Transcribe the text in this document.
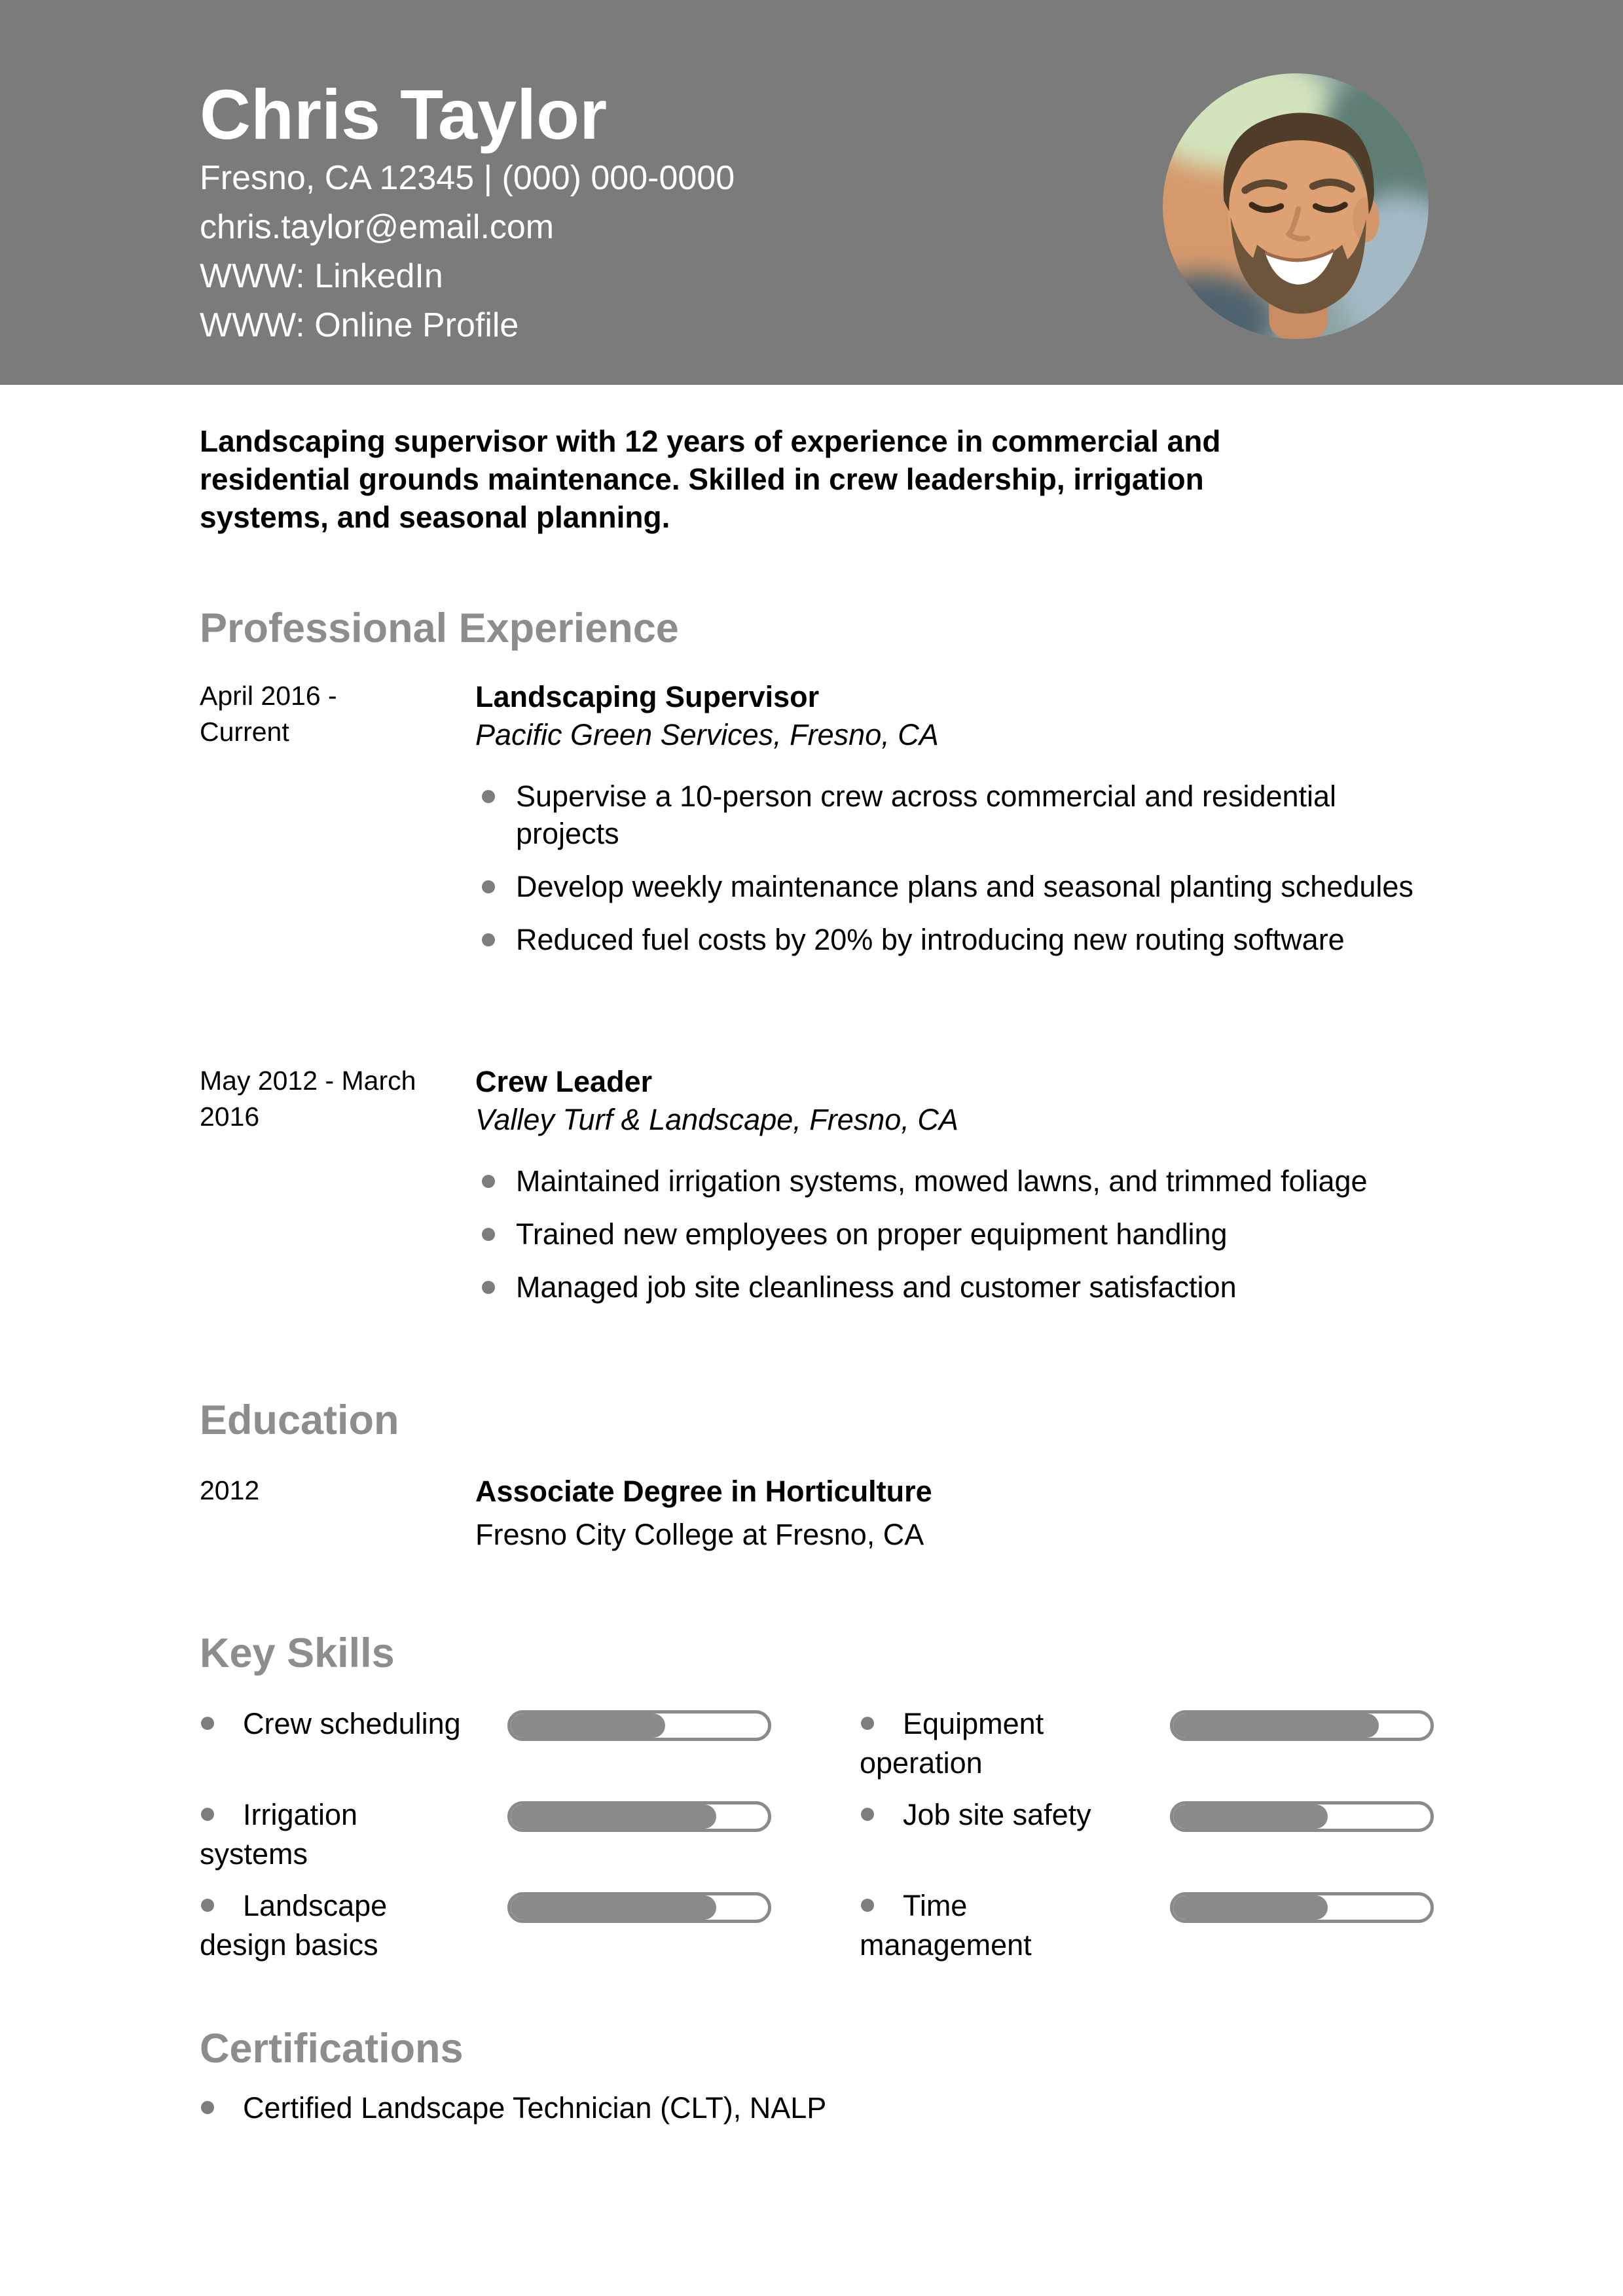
Chris Taylor
Fresno, CA 12345 | (000) 000-0000
chris.taylor@email.com
WWW: LinkedIn
WWW: Online Profile
Landscaping supervisor with 12 years of experience in commercial and residential grounds maintenance. Skilled in crew leadership, irrigation systems, and seasonal planning.
Professional Experience
April 2016 - Current
Landscaping Supervisor
Pacific Green Services, Fresno, CA
Supervise a 10-person crew across commercial and residential projects
Develop weekly maintenance plans and seasonal planting schedules
Reduced fuel costs by 20% by introducing new routing software
May 2012 - March 2016
Crew Leader
Valley Turf & Landscape, Fresno, CA
Maintained irrigation systems, mowed lawns, and trimmed foliage
Trained new employees on proper equipment handling
Managed job site cleanliness and customer satisfaction
Education
2012	Associate Degree in Horticulture
Fresno City College at Fresno, CA
Key Skills
Crew scheduling	Equipment operation
Irrigation systems
Job site safety
Landscape design basics
Time management
Certifications
Certified Landscape Technician (CLT), NALP
